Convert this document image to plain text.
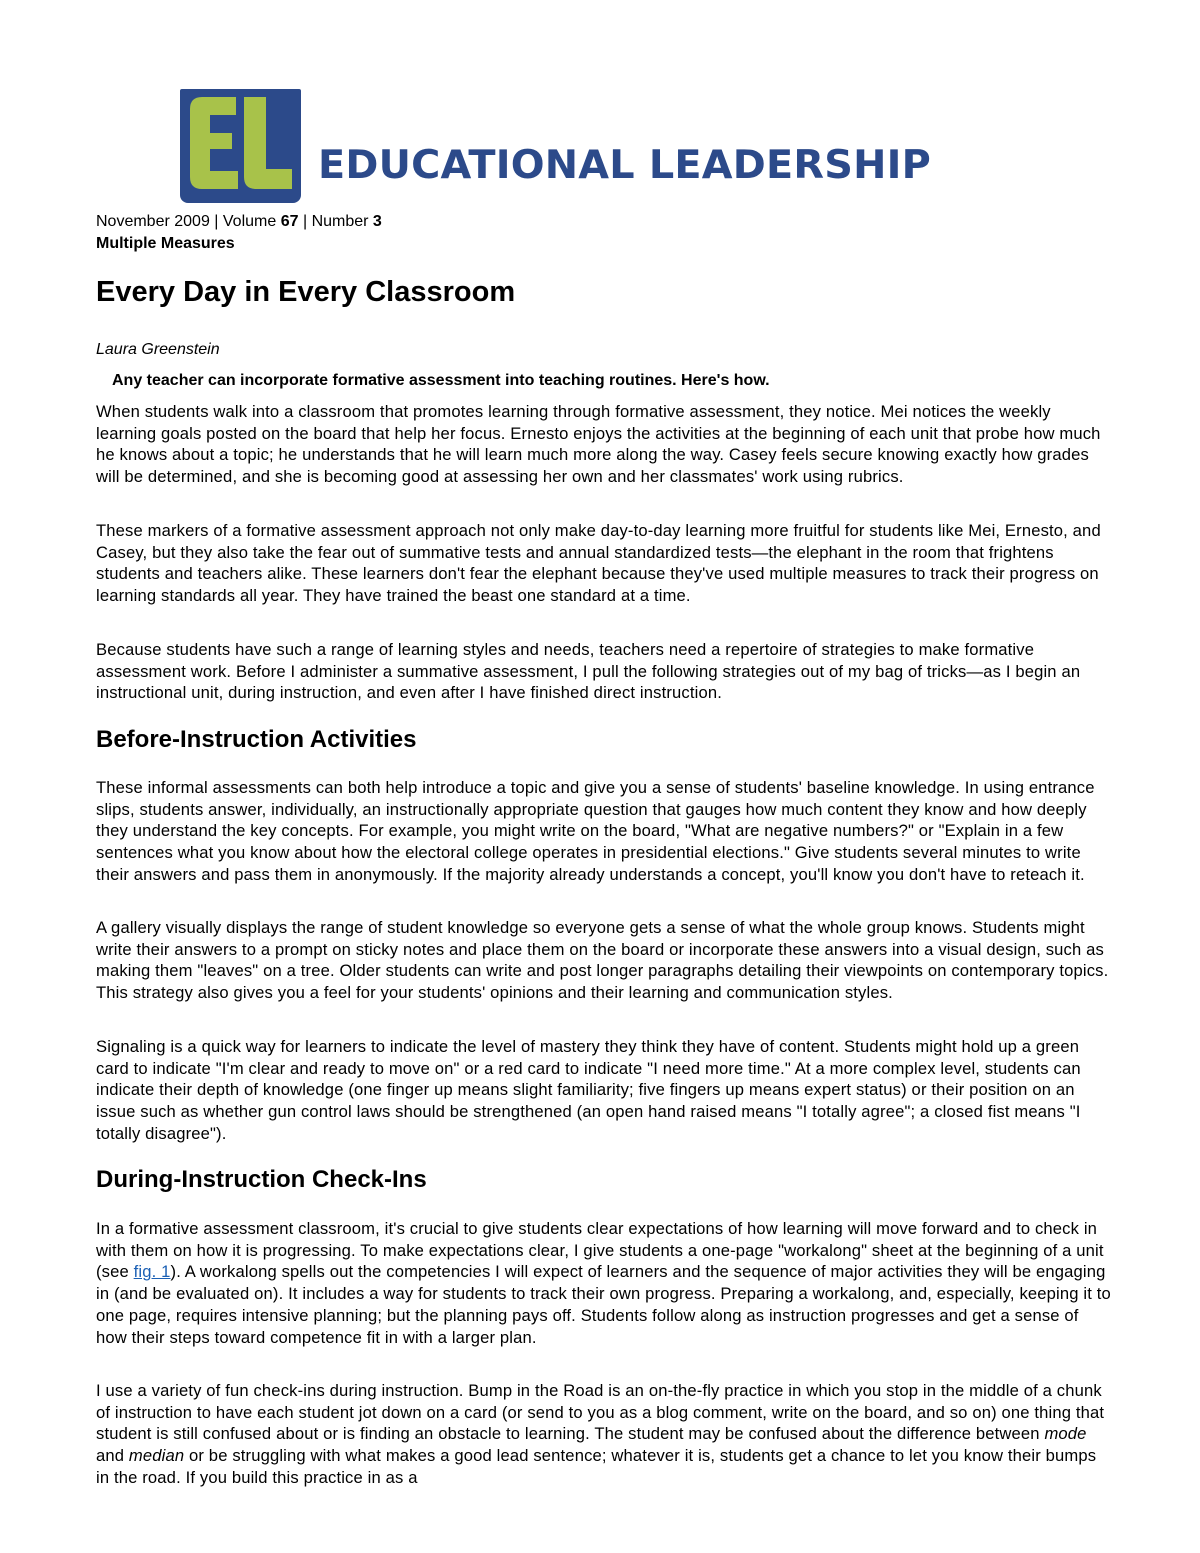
EDUCATIONAL LEADERSHIP
November 2009 | Volume 67 | Number 3
Multiple Measures
Every Day in Every Classroom
Laura Greenstein
Any teacher can incorporate formative assessment into teaching routines. Here's how.

When students walk into a classroom that promotes learning through formative assessment, they notice. Mei notices the weekly learning goals posted on the board that help her focus. Ernesto enjoys the activities at the beginning of each unit that probe how much he knows about a topic; he understands that he will learn much more along the way. Casey feels secure knowing exactly how grades will be determined, and she is becoming good at assessing her own and her classmates' work using rubrics.

These markers of a formative assessment approach not only make day-to-day learning more fruitful for students like Mei, Ernesto, and Casey, but they also take the fear out of summative tests and annual standardized tests—the elephant in the room that frightens students and teachers alike. These learners don't fear the elephant because they've used multiple measures to track their progress on learning standards all year. They have trained the beast one standard at a time.

Because students have such a range of learning styles and needs, teachers need a repertoire of strategies to make formative assessment work. Before I administer a summative assessment, I pull the following strategies out of my bag of tricks—as I begin an instructional unit, during instruction, and even after I have finished direct instruction.

Before-Instruction Activities

These informal assessments can both help introduce a topic and give you a sense of students' baseline knowledge. In using entrance slips, students answer, individually, an instructionally appropriate question that gauges how much content they know and how deeply they understand the key concepts. For example, you might write on the board, "What are negative numbers?" or "Explain in a few sentences what you know about how the electoral college operates in presidential elections." Give students several minutes to write their answers and pass them in anonymously. If the majority already understands a concept, you'll know you don't have to reteach it.

A gallery visually displays the range of student knowledge so everyone gets a sense of what the whole group knows. Students might write their answers to a prompt on sticky notes and place them on the board or incorporate these answers into a visual design, such as making them "leaves" on a tree. Older students can write and post longer paragraphs detailing their viewpoints on contemporary topics. This strategy also gives you a feel for your students' opinions and their learning and communication styles.

Signaling is a quick way for learners to indicate the level of mastery they think they have of content. Students might hold up a green card to indicate "I'm clear and ready to move on" or a red card to indicate "I need more time." At a more complex level, students can indicate their depth of knowledge (one finger up means slight familiarity; five fingers up means expert status) or their position on an issue such as whether gun control laws should be strengthened (an open hand raised means "I totally agree"; a closed fist means "I totally disagree").

During-Instruction Check-Ins

In a formative assessment classroom, it's crucial to give students clear expectations of how learning will move forward and to check in with them on how it is progressing. To make expectations clear, I give students a one-page "workalong" sheet at the beginning of a unit (see fig. 1). A workalong spells out the competencies I will expect of learners and the sequence of major activities they will be engaging in (and be evaluated on). It includes a way for students to track their own progress. Preparing a workalong, and, especially, keeping it to one page, requires intensive planning; but the planning pays off. Students follow along as instruction progresses and get a sense of how their steps toward competence fit in with a larger plan.

I use a variety of fun check-ins during instruction. Bump in the Road is an on-the-fly practice in which you stop in the middle of a chunk of instruction to have each student jot down on a card (or send to you as a blog comment, write on the board, and so on) one thing that student is still confused about or is finding an obstacle to learning. The student may be confused about the difference between mode and median or be struggling with what makes a good lead sentence; whatever it is, students get a chance to let you know their bumps in the road. If you build this practice in as a
